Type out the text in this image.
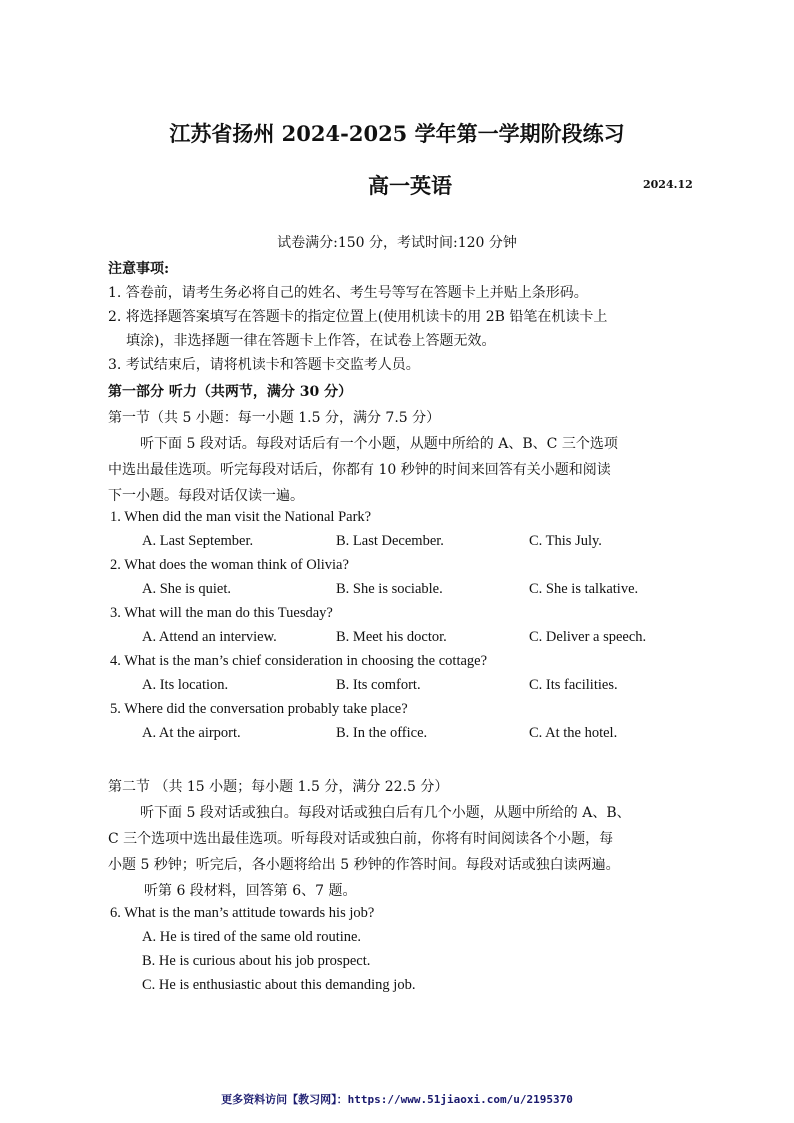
江苏省扬州 2024-2025 学年第一学期阶段练习
高一英语	2024.12
试卷满分:150 分，考试时间:120 分钟
注意事项:
1. 答卷前，请考生务必将自己的姓名、考生号等写在答题卡上并贴上条形码。
2. 将选择题答案填写在答题卡的指定位置上(使用机读卡的用 2B 铅笔在机读卡上
填涂)，非选择题一律在答题卡上作答，在试卷上答题无效。
3. 考试结束后，请将机读卡和答题卡交监考人员。
第一部分 听力（共两节，满分 30 分）
第一节（共 5 小题：每一小题 1.5 分，满分 7.5 分）
听下面 5 段对话。每段对话后有一个小题，从题中所给的 A、B、C 三个选项
中选出最佳选项。听完每段对话后，你都有 10 秒钟的时间来回答有关小题和阅读
下一小题。每段对话仅读一遍。
1. When did the man visit the National Park?
A. Last September.	B. Last December.	C. This July.
2. What does the woman think of Olivia?
A. She is quiet.	B. She is sociable.	C. She is talkative.
3. What will the man do this Tuesday?
A. Attend an interview.	B. Meet his doctor.	C. Deliver a speech.
4. What is the man’s chief consideration in choosing the cottage?
A. Its location.	B. Its comfort.	C. Its facilities.
5. Where did the conversation probably take place?
A. At the airport.	B. In the office.	C. At the hotel.
第二节 （共 15 小题；每小题 1.5 分，满分 22.5 分）
听下面 5 段对话或独白。每段对话或独白后有几个小题，从题中所给的 A、B、
C 三个选项中选出最佳选项。听每段对话或独白前，你将有时间阅读各个小题，每
小题 5 秒钟；听完后，各小题将给出 5 秒钟的作答时间。每段对话或独白读两遍。
听第 6 段材料，回答第 6、7 题。
6. What is the man’s attitude towards his job?
A. He is tired of the same old routine.
B. He is curious about his job prospect.
C. He is enthusiastic about this demanding job.
更多资料访问【教习网】：https://www.51jiaoxi.com/u/2195370
